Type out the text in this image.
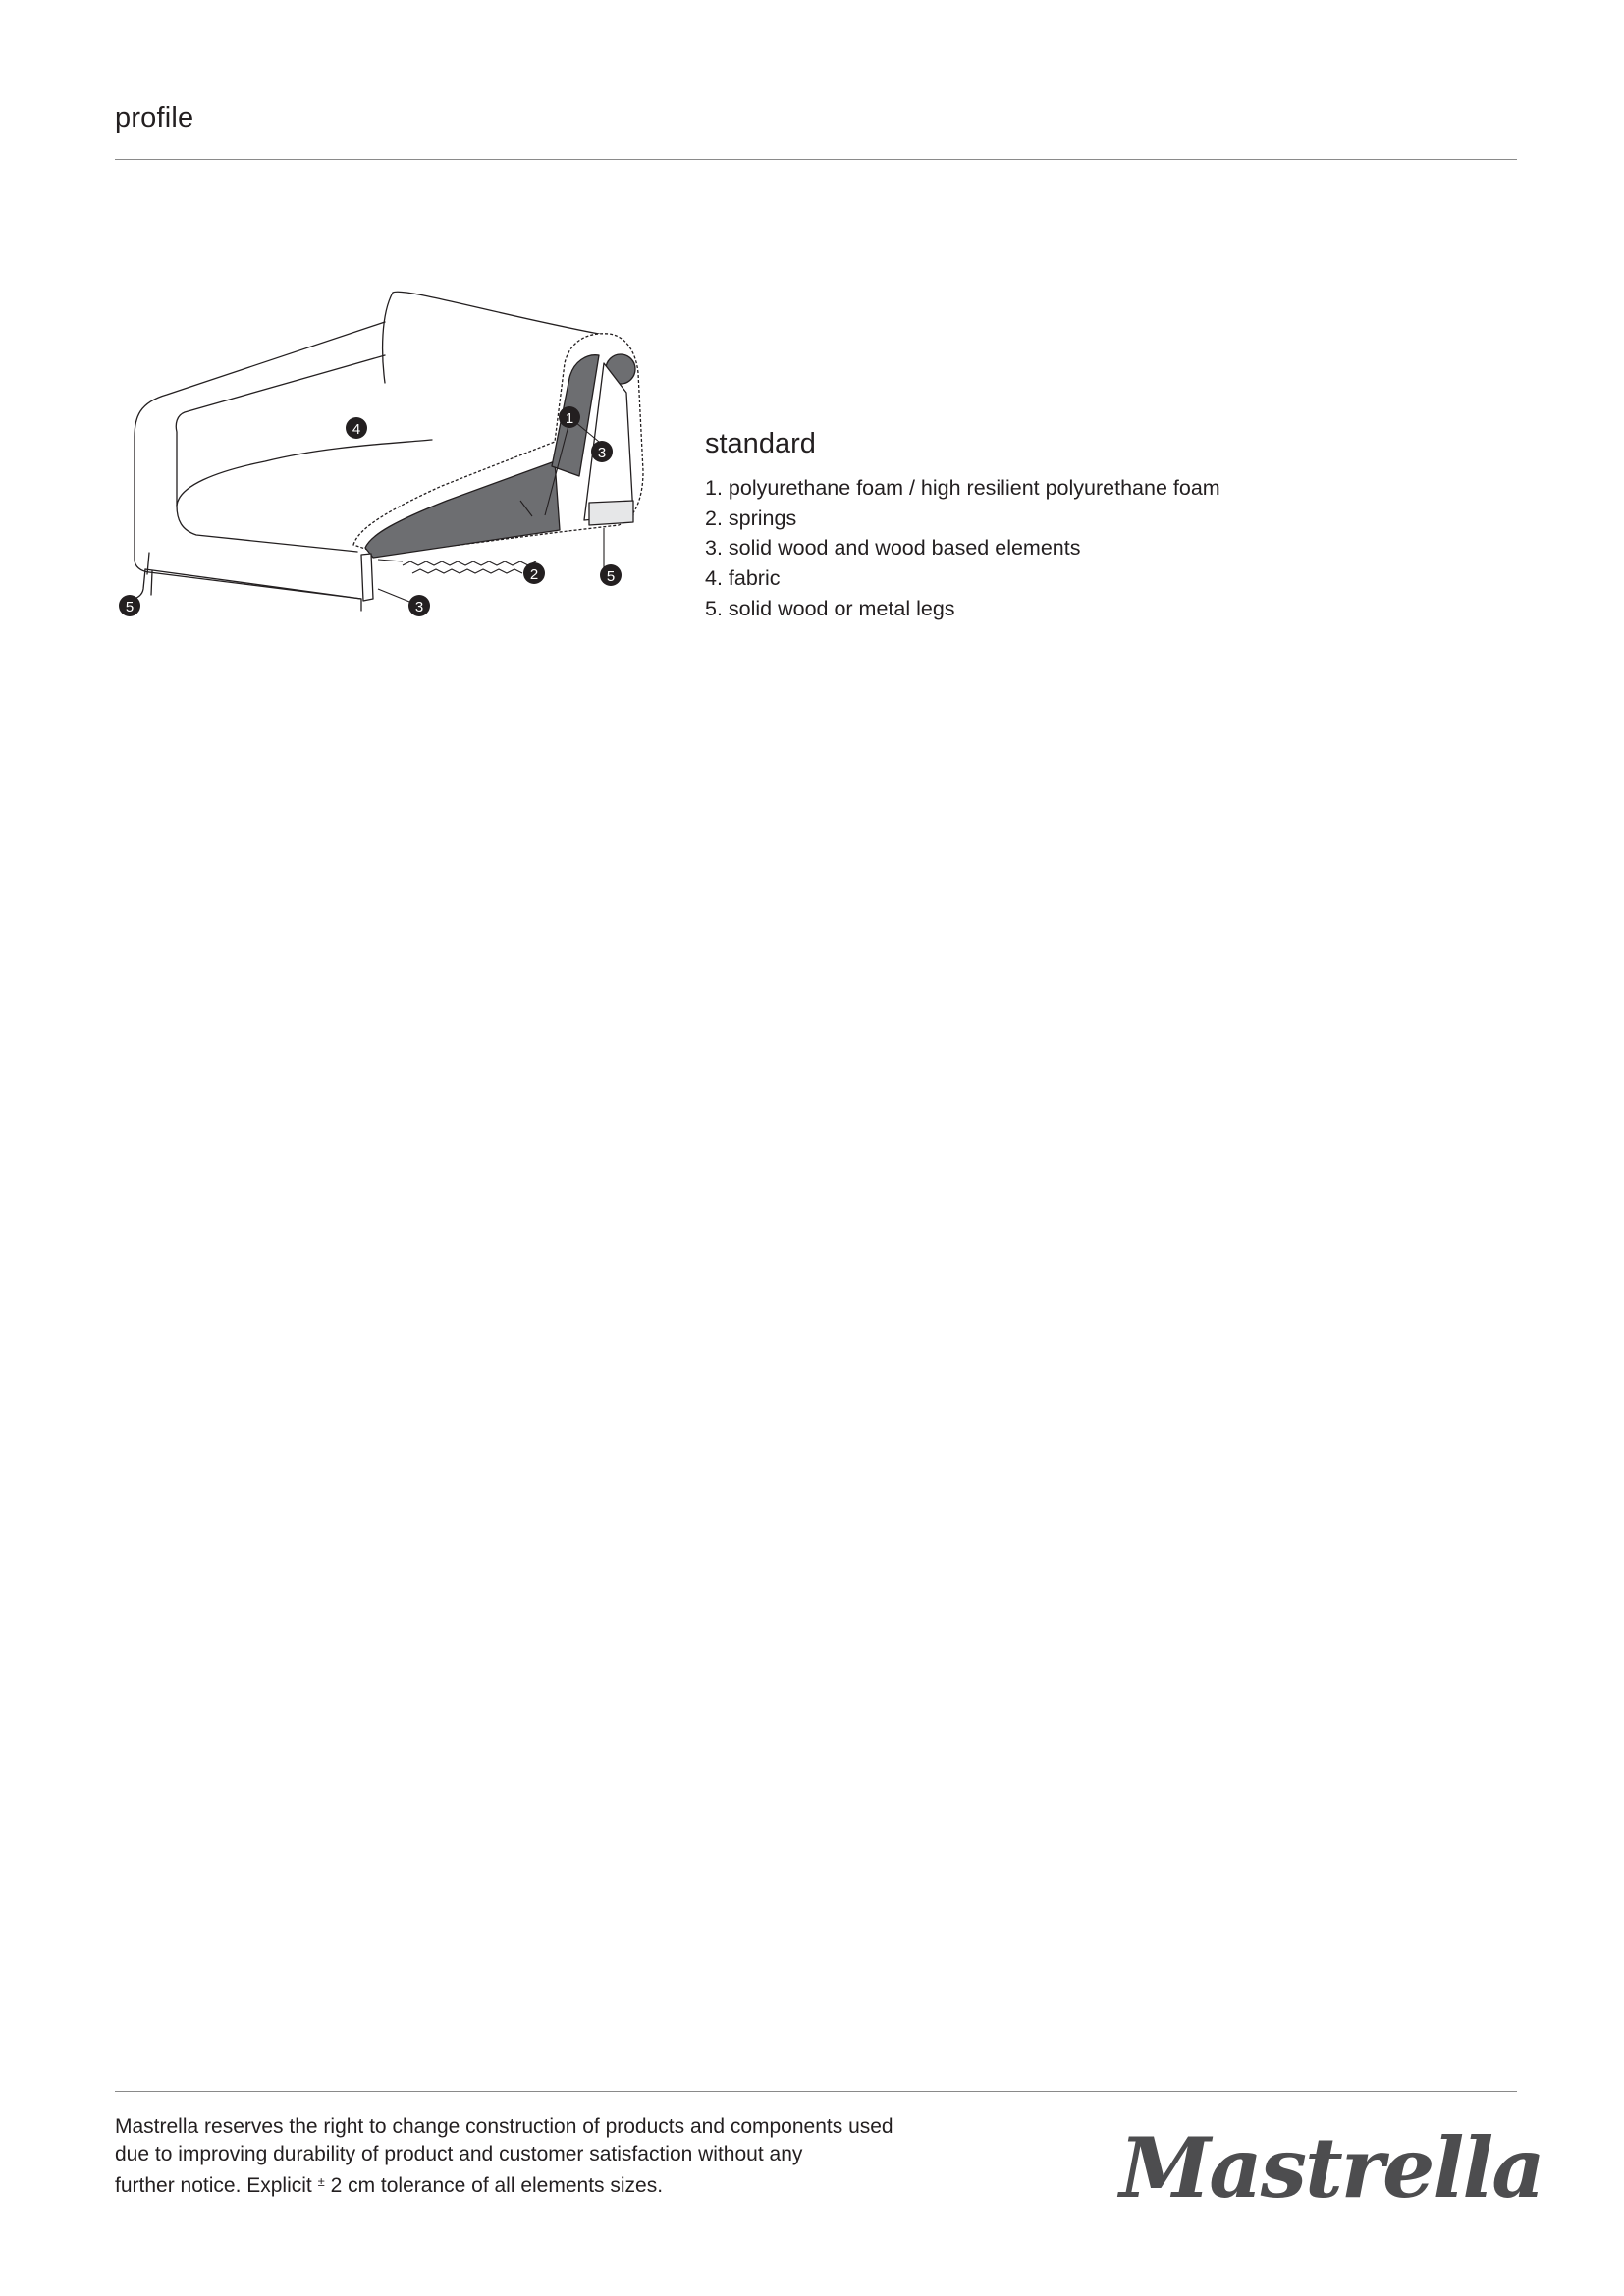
profile
1
3
4
2	5
3
5
standard
1. polyurethane foam / high resilient polyurethane foam
2. springs
3. solid wood and wood based elements
4. fabric
5. solid wood or metal legs

Mastrella reserves the right to change construction of products and components used

due to improving durability of product and customer satisfaction without any

further notice. Explicit ± 2 cm tolerance of all elements sizes.	Mastrella
